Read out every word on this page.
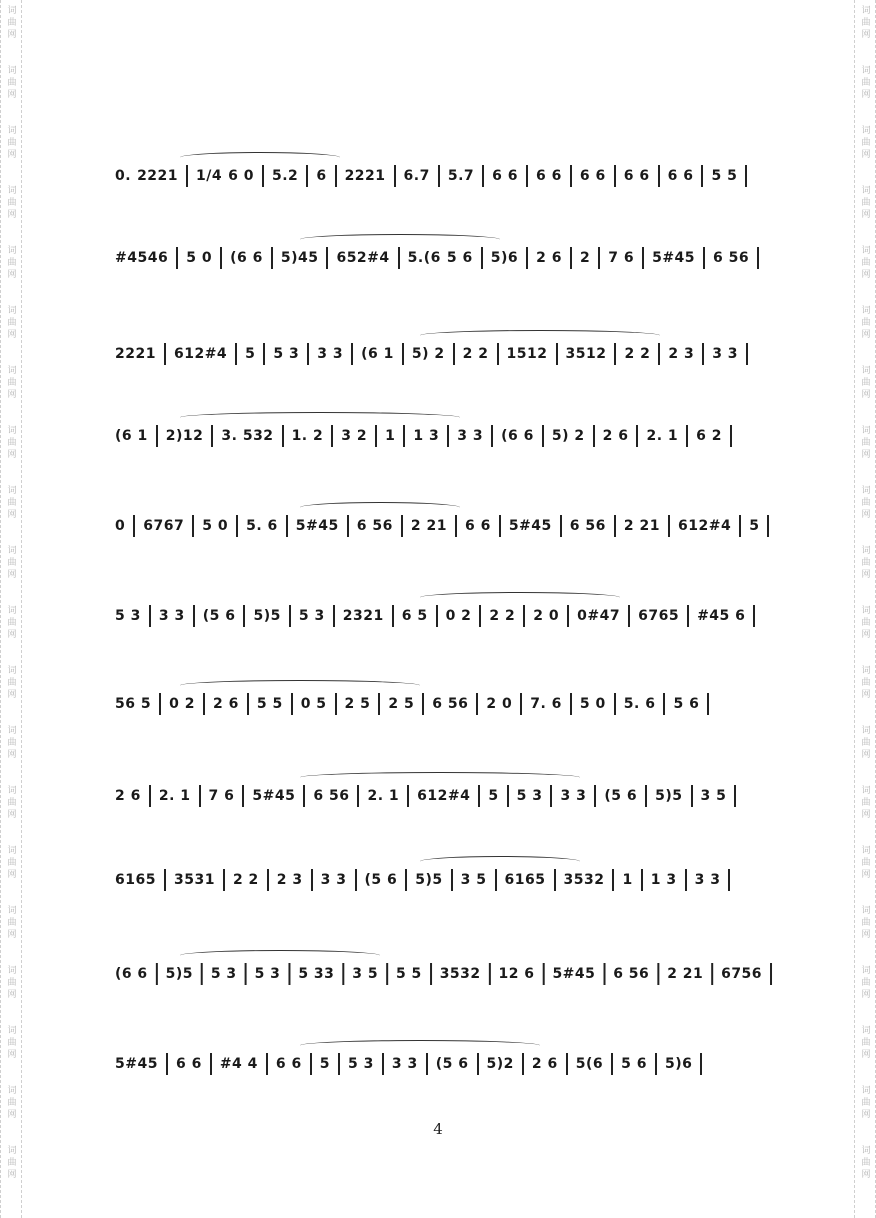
词
曲
网
词
曲
网
词
曲
网
词
曲
网
词
曲
网
词
曲
网
词
曲
网
词
曲
网
词
曲
网
词
曲
网
词
曲
网
词
曲
网
词
曲
网
词
曲
网
词
曲
网
词
曲
网
词
曲
网
词
曲
网
词
曲
网
词
曲
网
词
曲
网
词
曲
网
词
曲
网
词
曲
网
词
曲
网
词
曲
网
词
曲
网
词
曲
网
词
曲
网
词
曲
网
词
曲
网
词
曲
网
词
曲
网
词
曲
网
词
曲
网
词
曲
网
词
曲
网
词
曲
网
词
曲
网
词
曲
网
0. 2221 1/4 6 0 5.2 6 2221 6.7 5.7 6 6 6 6 6 6 6 6 6 6 5 5
#4546 5 0 (6 6 5)45 652#4 5.(6 5 6 5)6 2 6 2 7 6 5#45 6 56
2221 612#4 5 5 3 3 3 (6 1 5) 2 2 2 1512 3512 2 2 2 3 3 3
(6 1 2)12 3. 532 1. 2 3 2 1 1 3 3 3 (6 6 5) 2 2 6 2. 1 6 2
0 6767 5 0 5. 6 5#45 6 56 2 21 6 6 5#45 6 56 2 21 612#4 5
5 3 3 3 (5 6 5)5 5 3 2321 6 5 0 2 2 2 2 0 0#47 6765 #45 6
56 5 0 2 2 6 5 5 0 5 2 5 2 5 6 56 2 0 7. 6 5 0 5. 6 5 6
2 6 2. 1 7 6 5#45 6 56 2. 1 612#4 5 5 3 3 3 (5 6 5)5 3 5
6165 3531 2 2 2 3 3 3 (5 6 5)5 3 5 6165 3532 1 1 3 3 3
(6 6 5)5 5 3 5 3 5 33 3 5 5 5 3532 12 6 5#45 6 56 2 21 6756
5#45 6 6 #4 4 6 6 5 5 3 3 3 (5 6 5)2 2 6 5(6 5 6 5)6
4
